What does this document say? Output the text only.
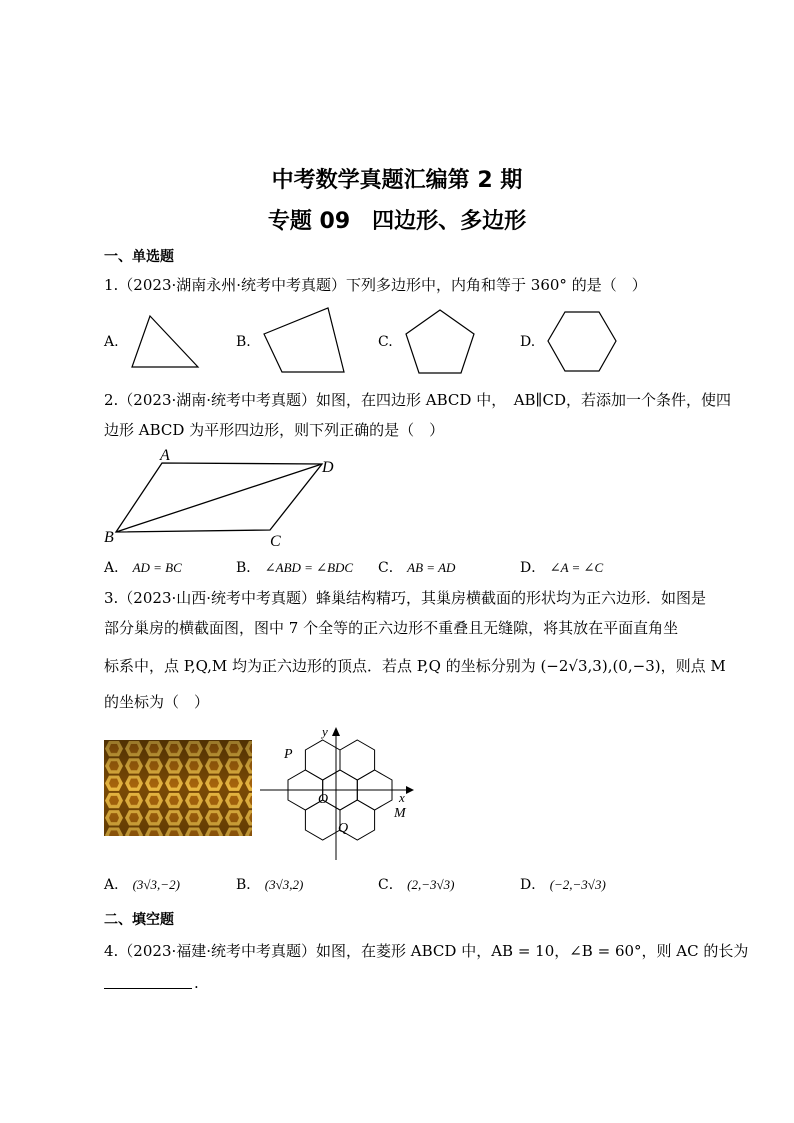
中考数学真题汇编第 2 期
专题 09　四边形、多边形
一、单选题
1.（2023·湖南永州·统考中考真题）下列多边形中，内角和等于 360° 的是（　）
A.	B.	C.	D.
2.（2023·湖南·统考中考真题）如图，在四边形 ABCD 中，　AB∥CD，若添加一个条件，使四
边形 ABCD 为平形四边形，则下列正确的是（　）
A
D
B	C
A． AD = BC	B． ∠ABD = ∠BDC C． AB = AD	D． ∠A = ∠C
3.（2023·山西·统考中考真题）蜂巢结构精巧，其巢房横截面的形状均为正六边形．如图是
部分巢房的横截面图，图中 7 个全等的正六边形不重叠且无缝隙，将其放在平面直角坐
标系中，点 P,Q,M 均为正六边形的顶点．若点 P,Q 的坐标分别为 (−2√3,3),(0,−3)，则点 M
的坐标为（　）
P
Q
M
O	x
y
A． (3√3,−2)	B． (3√3,2)	C． (2,−3√3)	D． (−2,−3√3)
二、填空题
4.（2023·福建·统考中考真题）如图，在菱形 ABCD 中，AB = 10，∠B = 60°，则 AC 的长为
.
